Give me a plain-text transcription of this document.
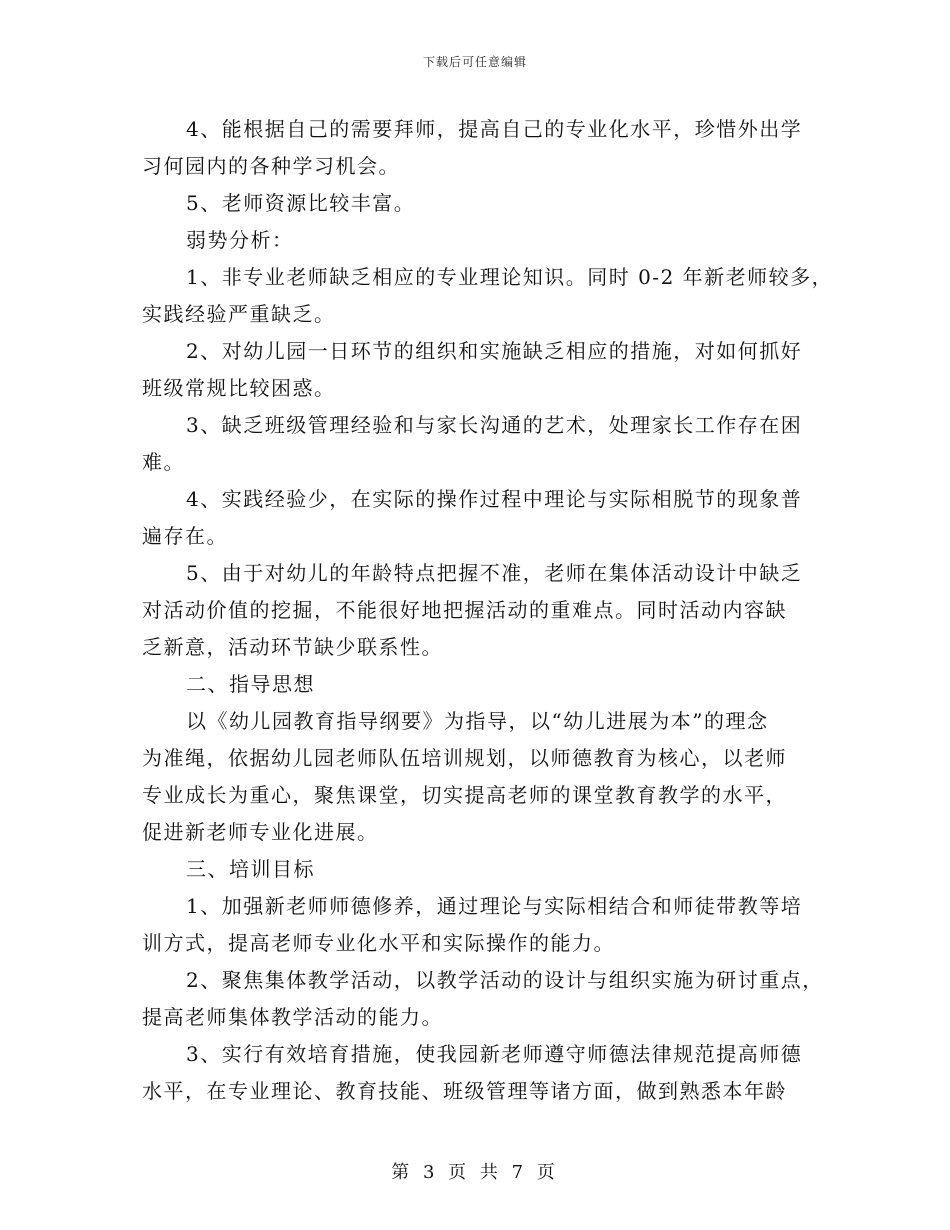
下载后可任意编辑
4、能根据自己的需要拜师，提高自己的专业化水平，珍惜外出学
习何园内的各种学习机会。
5、老师资源比较丰富。
弱势分析：
1、非专业老师缺乏相应的专业理论知识。同时 0-2 年新老师较多，
实践经验严重缺乏。
2、对幼儿园一日环节的组织和实施缺乏相应的措施，对如何抓好
班级常规比较困惑。
3、缺乏班级管理经验和与家长沟通的艺术，处理家长工作存在困
难。
4、实践经验少，在实际的操作过程中理论与实际相脱节的现象普
遍存在。
5、由于对幼儿的年龄特点把握不准，老师在集体活动设计中缺乏
对活动价值的挖掘，不能很好地把握活动的重难点。同时活动内容缺
乏新意，活动环节缺少联系性。
二、指导思想
以《幼儿园教育指导纲要》为指导，以“幼儿进展为本”的理念
为准绳，依据幼儿园老师队伍培训规划，以师德教育为核心，以老师
专业成长为重心，聚焦课堂，切实提高老师的课堂教育教学的水平，
促进新老师专业化进展。
三、培训目标
1、加强新老师师德修养，通过理论与实际相结合和师徒带教等培
训方式，提高老师专业化水平和实际操作的能力。
2、聚焦集体教学活动，以教学活动的设计与组织实施为研讨重点，
提高老师集体教学活动的能力。
3、实行有效培育措施，使我园新老师遵守师德法律规范提高师德
水平，在专业理论、教育技能、班级管理等诸方面，做到熟悉本年龄
第 3 页 共 7 页
